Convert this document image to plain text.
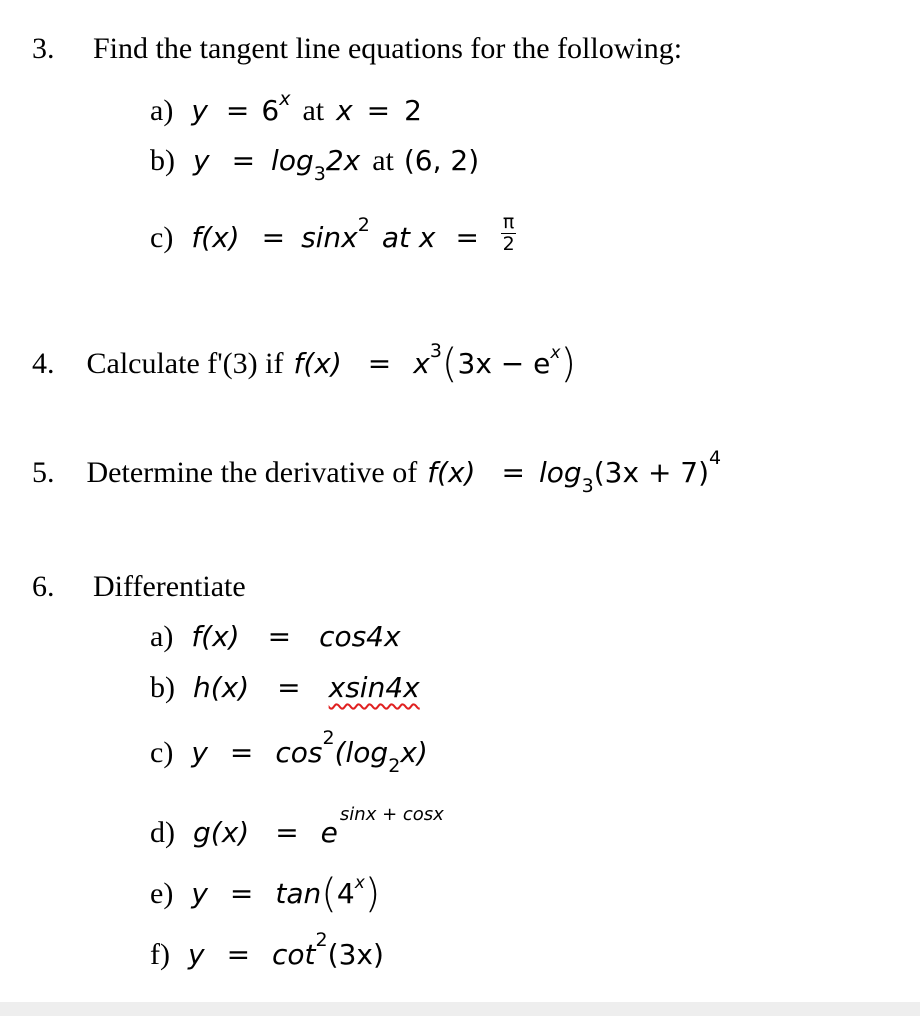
3. Find the tangent line equations for the following:
a) y = 6x at x = 2
b) y = log32x at (6, 2)
c) f(x) = sinx2 at $x = \frac{\pi}{2}$
4. Calculate f'(3) if f(x) = x3(3x − ex)
5. Determine the derivative of f(x) = log3(3x + 7)4
6. Differentiate
a) f(x) = cos4x
b) h(x) = xsin4x
c) y = cos2(log2x)
d) g(x) = esinx + cosx
e) y = tan(4x)
f) y = cot2(3x)
